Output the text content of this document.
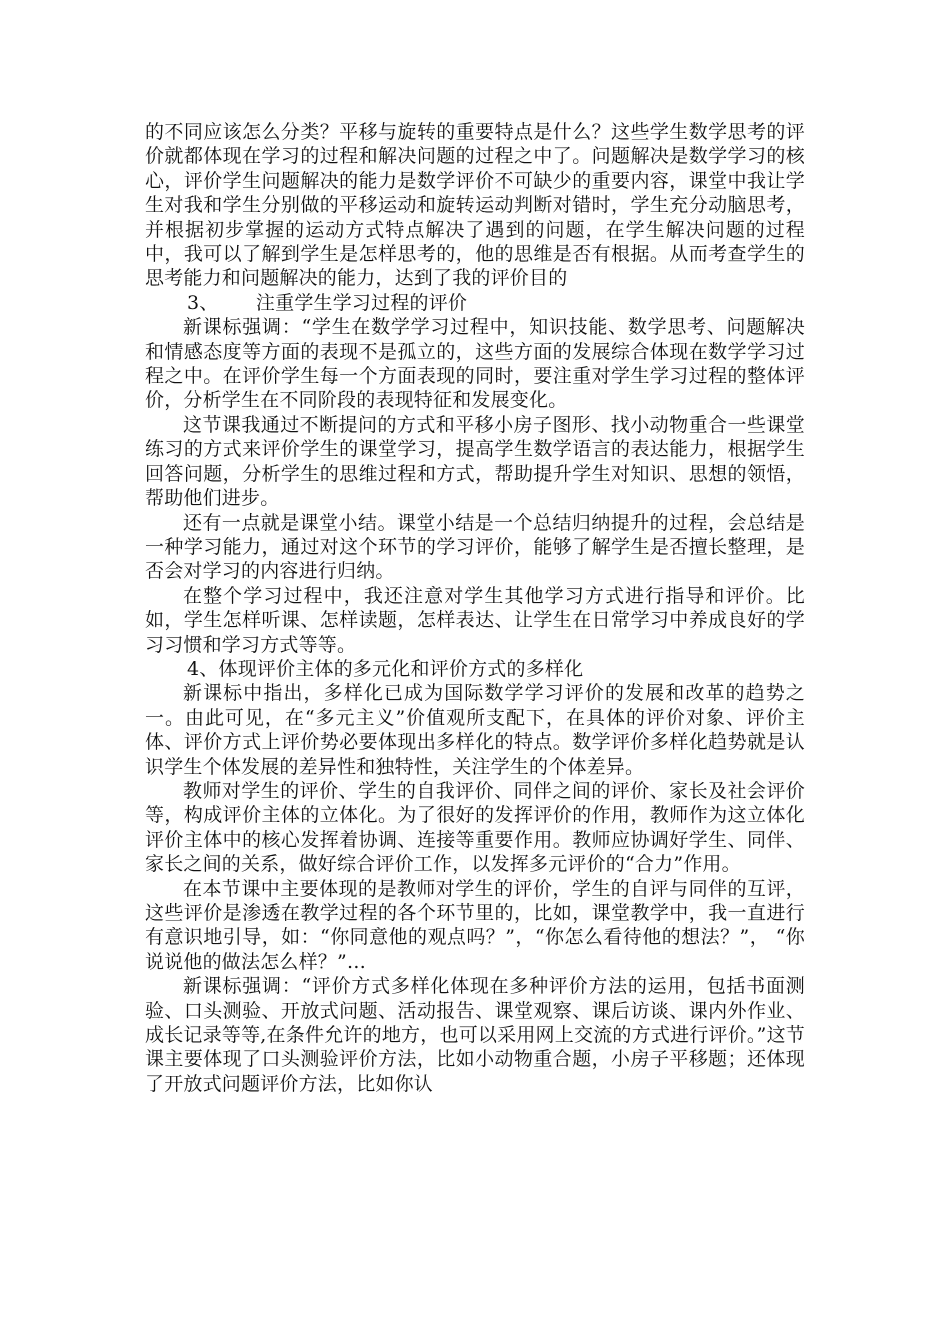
的不同应该怎么分类？平移与旋转的重要特点是什么？这些学生数学思考的评价就都体现在学习的过程和解决问题的过程之中了。问题解决是数学学习的核心，评价学生问题解决的能力是数学评价不可缺少的重要内容，课堂中我让学生对我和学生分别做的平移运动和旋转运动判断对错时，学生充分动脑思考，并根据初步掌握的运动方式特点解决了遇到的问题，在学生解决问题的过程中，我可以了解到学生是怎样思考的，他的思维是否有根据。从而考查学生的思考能力和问题解决的能力，达到了我的评价目的

3、      注重学生学习过程的评价

新课标强调：“学生在数学学习过程中，知识技能、数学思考、问题解决和情感态度等方面的表现不是孤立的，这些方面的发展综合体现在数学学习过程之中。在评价学生每一个方面表现的同时，要注重对学生学习过程的整体评价，分析学生在不同阶段的表现特征和发展变化。

这节课我通过不断提问的方式和平移小房子图形、找小动物重合一些课堂练习的方式来评价学生的课堂学习，提高学生数学语言的表达能力，根据学生回答问题，分析学生的思维过程和方式，帮助提升学生对知识、思想的领悟，帮助他们进步。

还有一点就是课堂小结。课堂小结是一个总结归纳提升的过程，会总结是一种学习能力，通过对这个环节的学习评价，能够了解学生是否擅长整理，是否会对学习的内容进行归纳。

在整个学习过程中，我还注意对学生其他学习方式进行指导和评价。比如，学生怎样听课、怎样读题，怎样表达、让学生在日常学习中养成良好的学习习惯和学习方式等等。

4、体现评价主体的多元化和评价方式的多样化

新课标中指出，多样化已成为国际数学学习评价的发展和改革的趋势之一。由此可见，在“多元主义”价值观所支配下，在具体的评价对象、评价主体、评价方式上评价势必要体现出多样化的特点。数学评价多样化趋势就是认识学生个体发展的差异性和独特性，关注学生的个体差异。

教师对学生的评价、学生的自我评价、同伴之间的评价、家长及社会评价等，构成评价主体的立体化。为了很好的发挥评价的作用，教师作为这立体化评价主体中的核心发挥着协调、连接等重要作用。教师应协调好学生、同伴、家长之间的关系，做好综合评价工作，以发挥多元评价的“合力”作用。

在本节课中主要体现的是教师对学生的评价，学生的自评与同伴的互评，这些评价是渗透在教学过程的各个环节里的，比如，课堂教学中，我一直进行有意识地引导，如：“你同意他的观点吗？”，“你怎么看待他的想法？”， “你说说他的做法怎么样？”…

新课标强调：“评价方式多样化体现在多种评价方法的运用，包括书面测验、口头测验、开放式问题、活动报告、课堂观察、课后访谈、课内外作业、成长记录等等,在条件允许的地方，也可以采用网上交流的方式进行评价。”这节课主要体现了口头测验评价方法，比如小动物重合题，小房子平移题；还体现了开放式问题评价方法，比如你认
